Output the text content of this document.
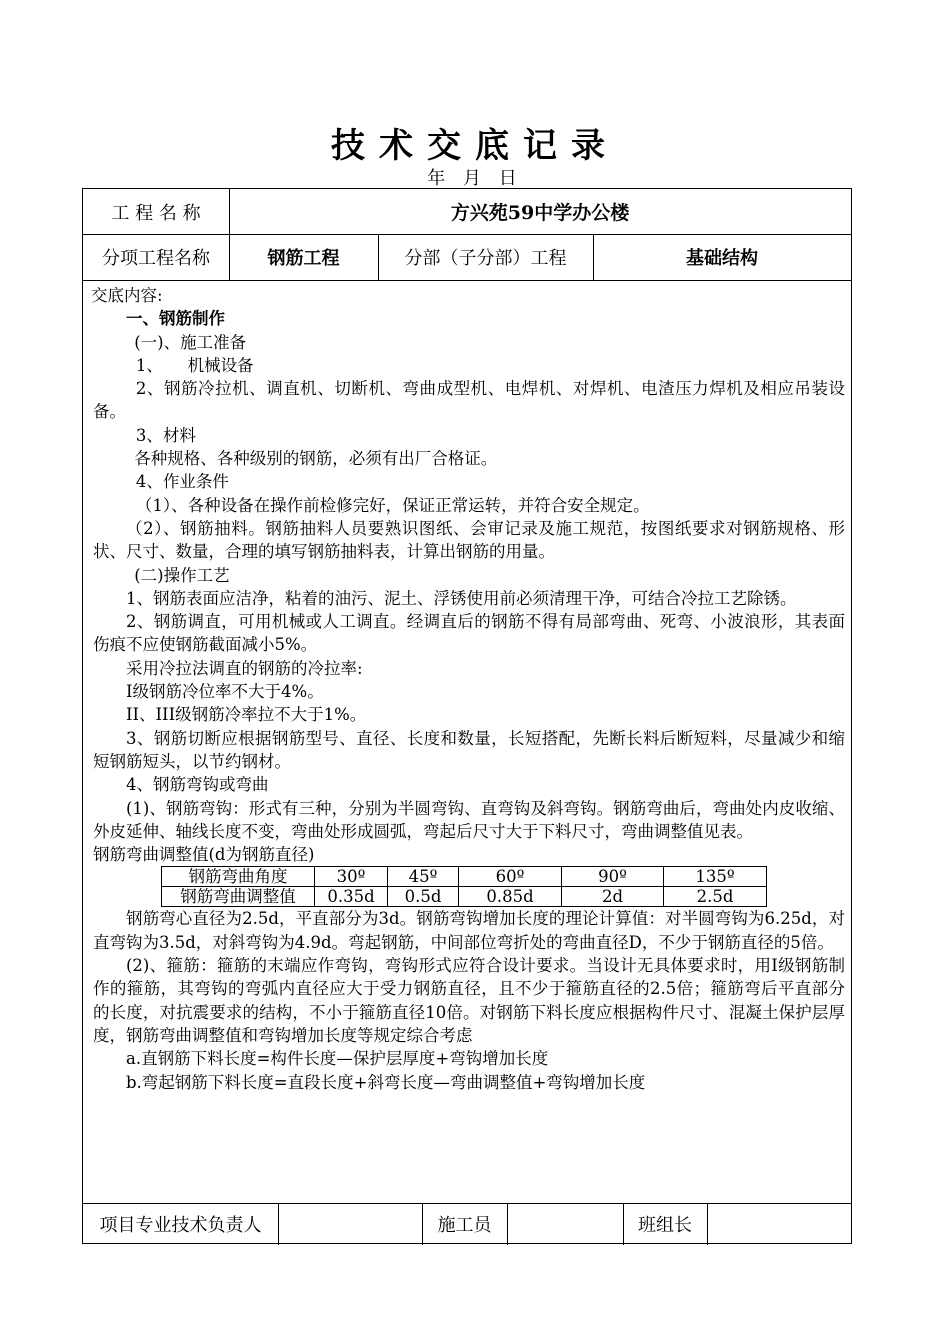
技术交底记录
年 月 日
工 程 名 称	方兴苑59中学办公楼
分项工程名称	钢筋工程	分部（子分部）工程	基础结构

交底内容:

一、钢筋制作

(一)、施工准备

1、　　机械设备

2、钢筋冷拉机、调直机、切断机、弯曲成型机、电焊机、对焊机、电渣压力焊机及相应吊装设备。

3、材料

各种规格、各种级别的钢筋，必须有出厂合格证。

4、作业条件

（1）、各种设备在操作前检修完好，保证正常运转，并符合安全规定。

（2）、钢筋抽料。钢筋抽料人员要熟识图纸、会审记录及施工规范，按图纸要求对钢筋规格、形状、尺寸、数量，合理的填写钢筋抽料表，计算出钢筋的用量。

(二)操作工艺

1、钢筋表面应洁净，粘着的油污、泥土、浮锈使用前必须清理干净，可结合冷拉工艺除锈。

2、钢筋调直，可用机械或人工调直。经调直后的钢筋不得有局部弯曲、死弯、小波浪形，其表面伤痕不应使钢筋截面减小5%。

采用冷拉法调直的钢筋的冷拉率:

I级钢筋冷位率不大于4%。

II、III级钢筋冷率拉不大于1%。

3、钢筋切断应根据钢筋型号、直径、长度和数量，长短搭配，先断长料后断短料，尽量减少和缩短钢筋短头，以节约钢材。

4、钢筋弯钩或弯曲

(1)、钢筋弯钩：形式有三种，分别为半圆弯钩、直弯钩及斜弯钩。钢筋弯曲后，弯曲处内皮收缩、外皮延伸、轴线长度不变，弯曲处形成圆弧，弯起后尺寸大于下料尺寸，弯曲调整值见表。

钢筋弯曲调整值(d为钢筋直径)

钢筋弯曲角度	30º	45º	60º	90º	135º
钢筋弯曲调整值	0.35d	0.5d	0.85d	2d	2.5d

钢筋弯心直径为2.5d，平直部分为3d。钢筋弯钩增加长度的理论计算值：对半圆弯钩为6.25d，对直弯钩为3.5d，对斜弯钩为4.9d。弯起钢筋，中间部位弯折处的弯曲直径D，不少于钢筋直径的5倍。

(2)、箍筋：箍筋的末端应作弯钩，弯钩形式应符合设计要求。当设计无具体要求时，用I级钢筋制作的箍筋，其弯钩的弯弧内直径应大于受力钢筋直径，且不少于箍筋直径的2.5倍；箍筋弯后平直部分的长度，对抗震要求的结构，不小于箍筋直径10倍。对钢筋下料长度应根据构件尺寸、混凝土保护层厚度，钢筋弯曲调整值和弯钩增加长度等规定综合考虑

a.直钢筋下料长度=构件长度—保护层厚度+弯钩增加长度

b.弯起钢筋下料长度=直段长度+斜弯长度—弯曲调整值+弯钩增加长度

项目专业技术负责人	施工员	班组长
